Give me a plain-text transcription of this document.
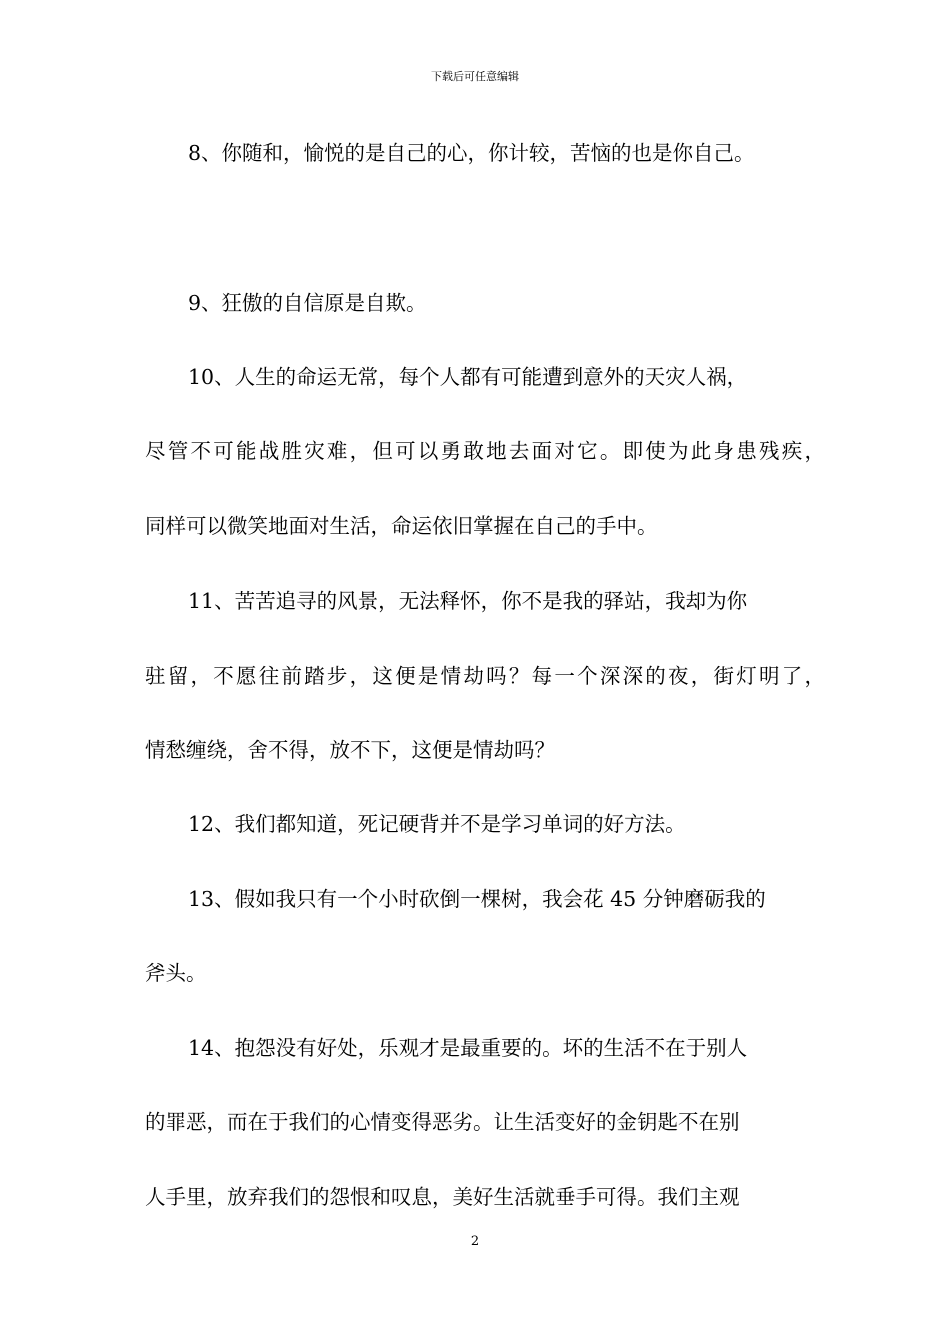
下载后可任意编辑
8、你随和，愉悦的是自己的心，你计较，苦恼的也是你自己。
9、狂傲的自信原是自欺。
10、人生的命运无常，每个人都有可能遭到意外的天灾人祸，
尽管不可能战胜灾难，但可以勇敢地去面对它。即使为此身患残疾，
同样可以微笑地面对生活，命运依旧掌握在自己的手中。
11、苦苦追寻的风景，无法释怀，你不是我的驿站，我却为你
驻留，不愿往前踏步，这便是情劫吗？每一个深深的夜，街灯明了，
情愁缠绕，舍不得，放不下，这便是情劫吗？
12、我们都知道，死记硬背并不是学习单词的好方法。
13、假如我只有一个小时砍倒一棵树，我会花 45 分钟磨砺我的
斧头。
14、抱怨没有好处，乐观才是最重要的。坏的生活不在于别人
的罪恶，而在于我们的心情变得恶劣。让生活变好的金钥匙不在别
人手里，放弃我们的怨恨和叹息，美好生活就垂手可得。我们主观
2
